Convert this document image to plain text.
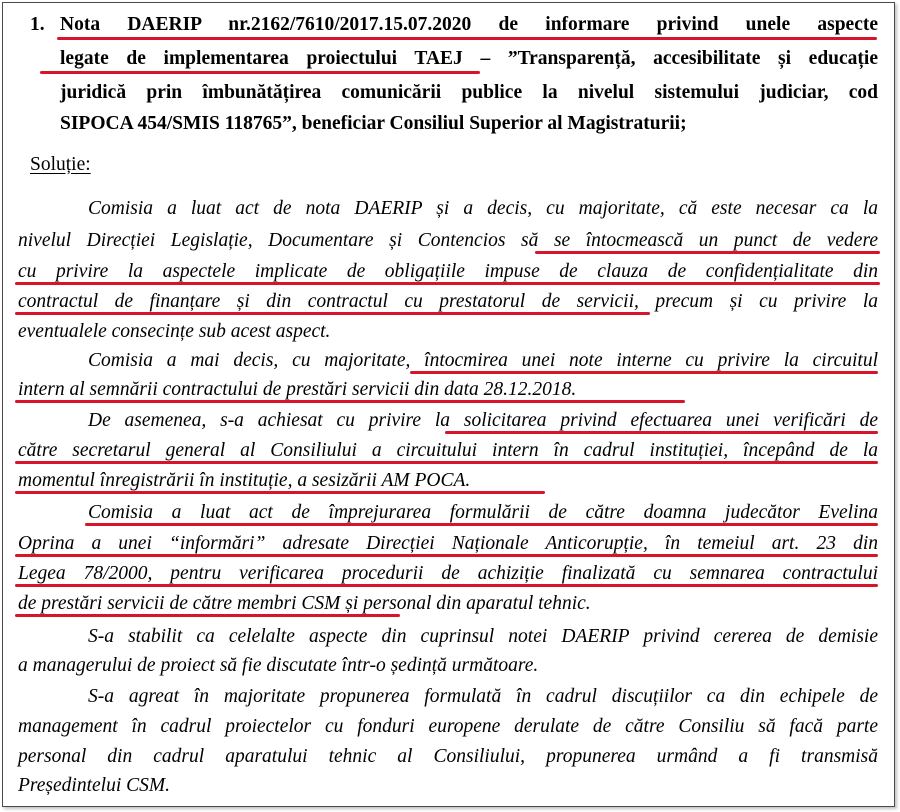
1. Nota DAERIP nr.2162/7610/2017.15.07.2020 de informare privind unele aspecte
legate de implementarea proiectului TAEJ – ”Transparență, accesibilitate și educație
juridică prin îmbunătățirea comunicării publice la nivelul sistemului judiciar, cod
SIPOCA 454/SMIS 118765”, beneficiar Consiliul Superior al Magistraturii;
Soluție:
Comisia a luat act de nota DAERIP și a decis, cu majoritate, că este necesar ca la
nivelul Direcției Legislație, Documentare și Contencios să se întocmească un punct de vedere
cu privire la aspectele implicate de obligațiile impuse de clauza de confidențialitate din
contractul de finanțare și din contractul cu prestatorul de servicii, precum și cu privire la
eventualele consecințe sub acest aspect.
Comisia a mai decis, cu majoritate, întocmirea unei note interne cu privire la circuitul
intern al semnării contractului de prestări servicii din data 28.12.2018.
De asemenea, s-a achiesat cu privire la solicitarea privind efectuarea unei verificări de
către secretarul general al Consiliului a circuitului intern în cadrul instituției, începând de la
momentul înregistrării în instituție, a sesizării AM POCA.
Comisia a luat act de împrejurarea formulării de către doamna judecător Evelina
Oprina a unei “informări” adresate Direcției Naționale Anticorupție, în temeiul art. 23 din
Legea 78/2000, pentru verificarea procedurii de achiziție finalizată cu semnarea contractului
de prestări servicii de către membri CSM și personal din aparatul tehnic.
S-a stabilit ca celelalte aspecte din cuprinsul notei DAERIP privind cererea de demisie
a managerului de proiect să fie discutate într-o ședință următoare.
S-a agreat în majoritate propunerea formulată în cadrul discuțiilor ca din echipele de
management în cadrul proiectelor cu fonduri europene derulate de către Consiliu să facă parte
personal din cadrul aparatului tehnic al Consiliului, propunerea urmând a fi transmisă
Președintelui CSM.
